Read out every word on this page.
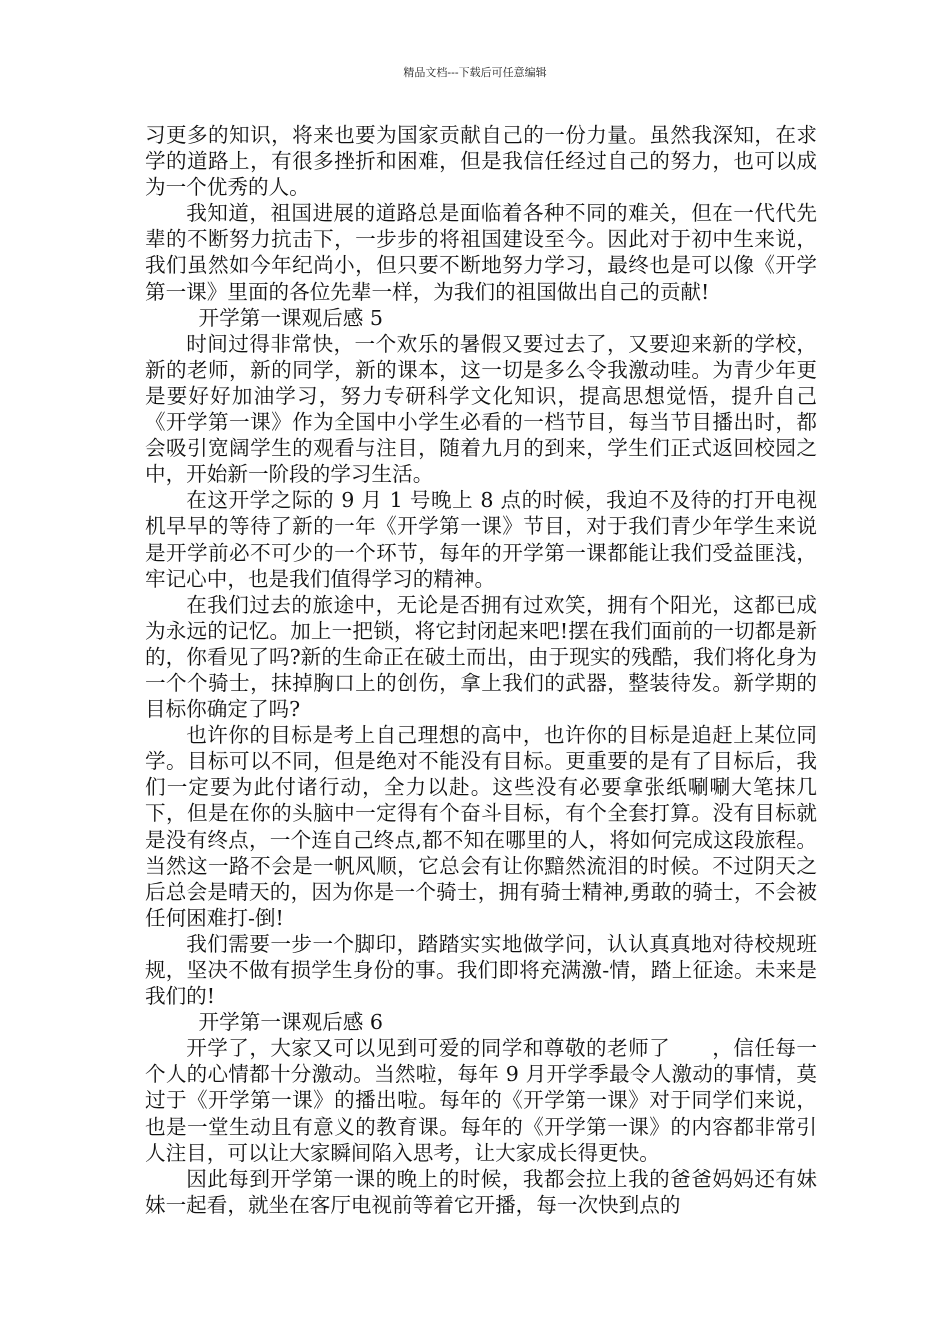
精品文档---下载后可任意编辑

习更多的知识，将来也要为国家贡献自己的一份力量。虽然我深知，在求学的道路上，有很多挫折和困难，但是我信任经过自己的努力，也可以成为一个优秀的人。

我知道，祖国进展的道路总是面临着各种不同的难关，但在一代代先辈的不断努力抗击下，一步步的将祖国建设至今。因此对于初中生来说，我们虽然如今年纪尚小，但只要不断地努力学习，最终也是可以像《开学第一课》里面的各位先辈一样，为我们的祖国做出自己的贡献!

开学第一课观后感 5

时间过得非常快，一个欢乐的暑假又要过去了，又要迎来新的学校，新的老师，新的同学，新的课本，这一切是多么令我激动哇。为青少年更是要好好加油学习，努力专研科学文化知识，提高思想觉悟，提升自己《开学第一课》作为全国中小学生必看的一档节目，每当节目播出时，都会吸引宽阔学生的观看与注目，随着九月的到来，学生们正式返回校园之中，开始新一阶段的学习生活。

在这开学之际的 9 月 1 号晚上 8 点的时候，我迫不及待的打开电视机早早的等待了新的一年《开学第一课》节目，对于我们青少年学生来说是开学前必不可少的一个环节，每年的开学第一课都能让我们受益匪浅，牢记心中，也是我们值得学习的精神。

在我们过去的旅途中，无论是否拥有过欢笑，拥有个阳光，这都已成为永远的记忆。加上一把锁，将它封闭起来吧!摆在我们面前的一切都是新的，你看见了吗?新的生命正在破土而出，由于现实的残酷，我们将化身为一个个骑士，抹掉胸口上的创伤，拿上我们的武器，整装待发。新学期的目标你确定了吗?

也许你的目标是考上自己理想的高中，也许你的目标是追赶上某位同学。目标可以不同，但是绝对不能没有目标。更重要的是有了目标后，我们一定要为此付诸行动，全力以赴。这些没有必要拿张纸唰唰大笔抹几下，但是在你的头脑中一定得有个奋斗目标，有个全套打算。没有目标就是没有终点，一个连自己终点,都不知在哪里的人，将如何完成这段旅程。当然这一路不会是一帆风顺，它总会有让你黯然流泪的时候。不过阴天之后总会是晴天的，因为你是一个骑士，拥有骑士精神,勇敢的骑士，不会被任何困难打-倒!

我们需要一步一个脚印，踏踏实实地做学问，认认真真地对待校规班规，坚决不做有损学生身份的事。我们即将充满激-情，踏上征途。未来是我们的!

开学第一课观后感 6

开学了，大家又可以见到可爱的同学和尊敬的老师了　　，信任每一个人的心情都十分激动。当然啦，每年 9 月开学季最令人激动的事情，莫过于《开学第一课》的播出啦。每年的《开学第一课》对于同学们来说，也是一堂生动且有意义的教育课。每年的《开学第一课》的内容都非常引人注目，可以让大家瞬间陷入思考，让大家成长得更快。

因此每到开学第一课的晚上的时候，我都会拉上我的爸爸妈妈还有妹妹一起看，就坐在客厅电视前等着它开播，每一次快到点的
